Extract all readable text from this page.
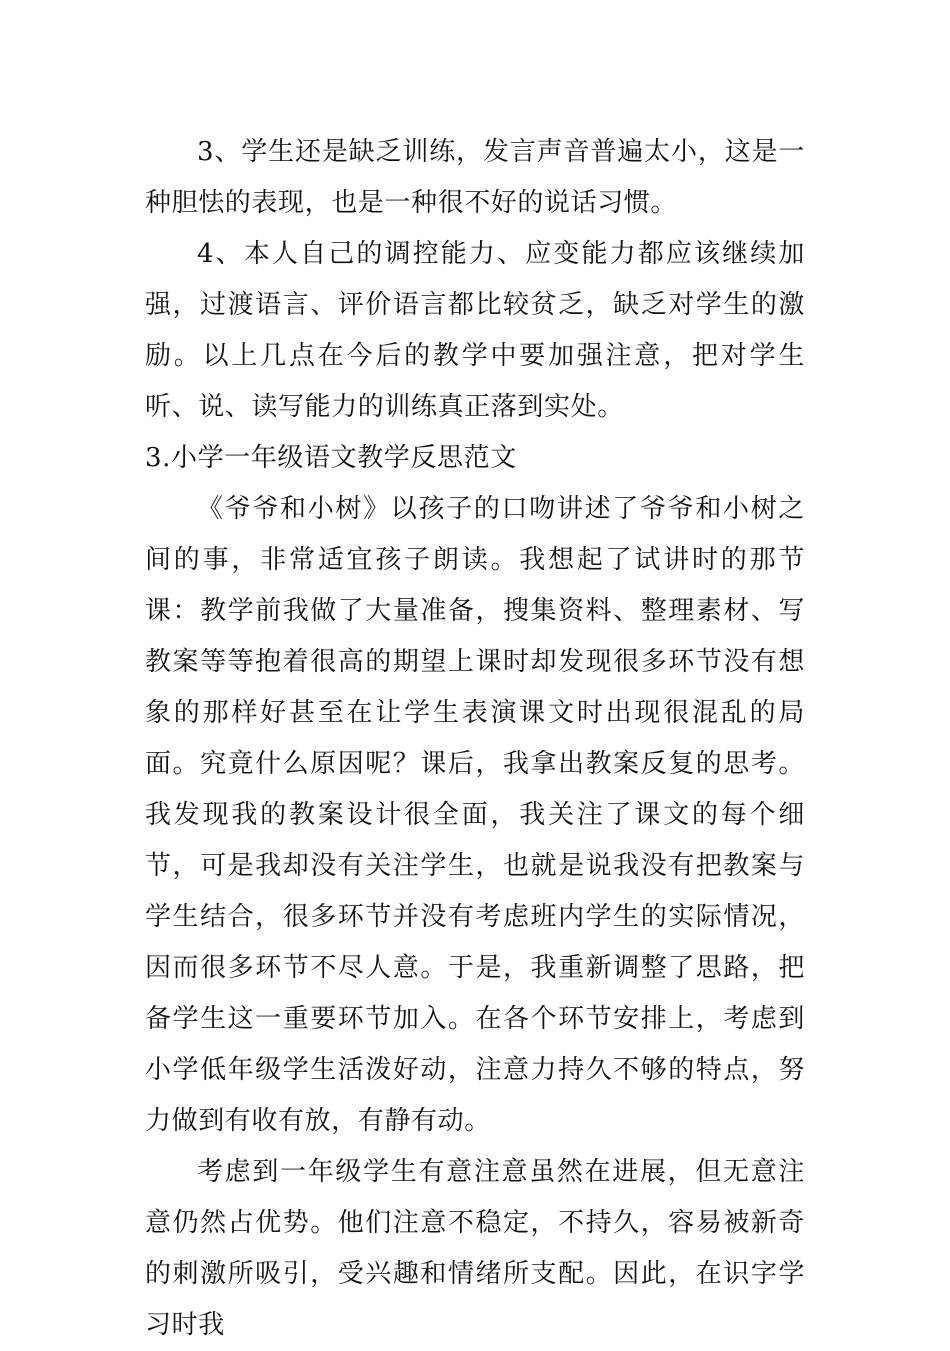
3、学生还是缺乏训练，发言声音普遍太小，这是一种胆怯的表现，也是一种很不好的说话习惯。

4、本人自己的调控能力、应变能力都应该继续加强，过渡语言、评价语言都比较贫乏，缺乏对学生的激励。以上几点在今后的教学中要加强注意，把对学生听、说、读写能力的训练真正落到实处。

3.小学一年级语文教学反思范文

《爷爷和小树》以孩子的口吻讲述了爷爷和小树之间的事，非常适宜孩子朗读。我想起了试讲时的那节课：教学前我做了大量准备，搜集资料、整理素材、写教案等等抱着很高的期望上课时却发现很多环节没有想象的那样好甚至在让学生表演课文时出现很混乱的局面。究竟什么原因呢？课后，我拿出教案反复的思考。我发现我的教案设计很全面，我关注了课文的每个细节，可是我却没有关注学生，也就是说我没有把教案与学生结合，很多环节并没有考虑班内学生的实际情况，因而很多环节不尽人意。于是，我重新调整了思路，把备学生这一重要环节加入。在各个环节安排上，考虑到小学低年级学生活泼好动，注意力持久不够的特点，努力做到有收有放，有静有动。

考虑到一年级学生有意注意虽然在进展，但无意注意仍然占优势。他们注意不稳定，不持久，容易被新奇的刺激所吸引，受兴趣和情绪所支配。因此，在识字学习时我
